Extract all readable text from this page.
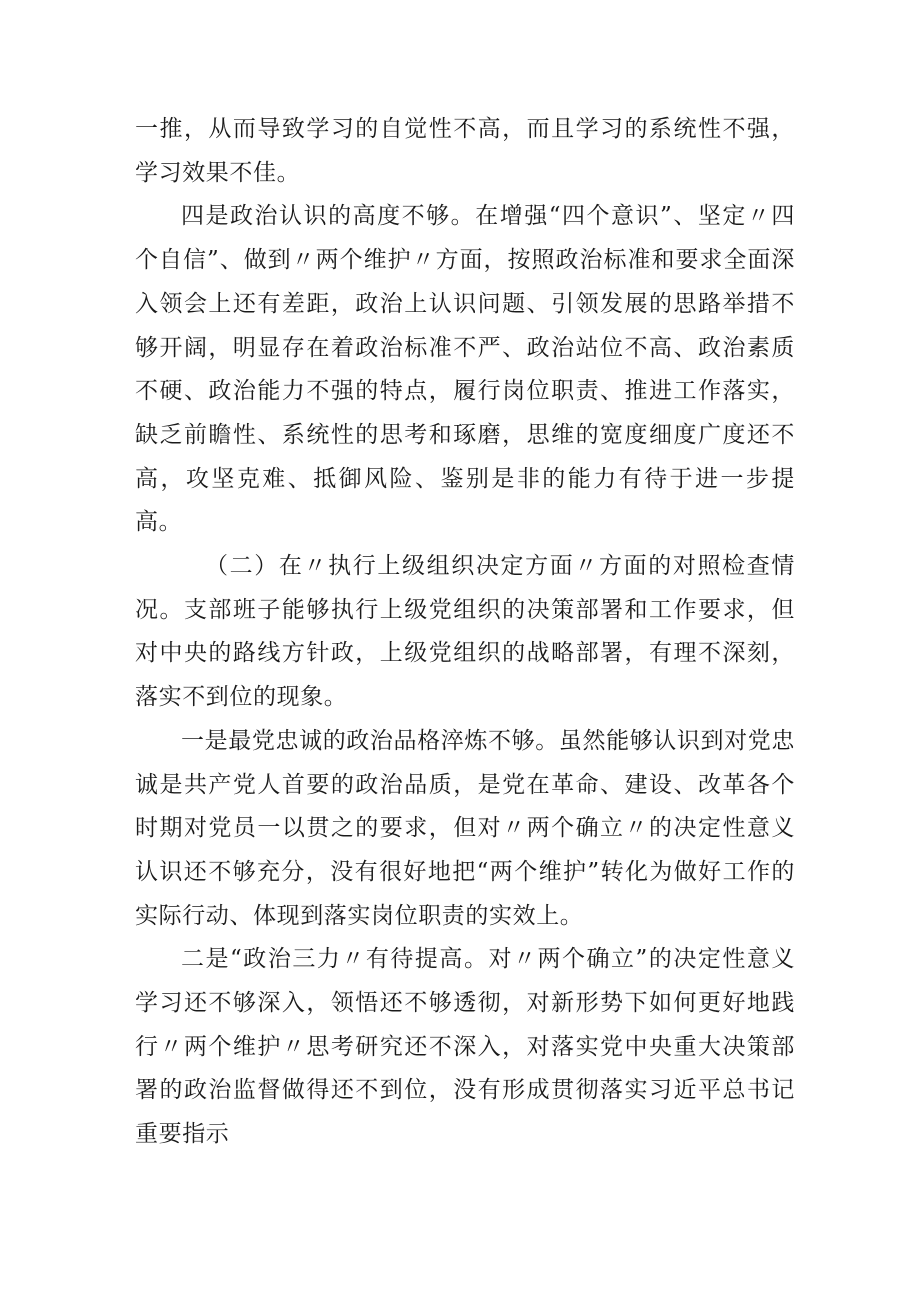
一推，从而导致学习的自觉性不高，而且学习的系统性不强，学习效果不佳。

四是政治认识的高度不够。在增强“四个意识”、坚定〃四个自信”、做到〃两个维护〃方面，按照政治标准和要求全面深入领会上还有差距，政治上认识问题、引领发展的思路举措不够开阔，明显存在着政治标准不严、政治站位不高、政治素质不硬、政治能力不强的特点，履行岗位职责、推进工作落实，缺乏前瞻性、系统性的思考和琢磨，思维的宽度细度广度还不高，攻坚克难、抵御风险、鉴别是非的能力有待于进一步提高。

（二）在〃执行上级组织决定方面〃方面的对照检查情况。支部班子能够执行上级党组织的决策部署和工作要求，但对中央的路线方针政，上级党组织的战略部署，有理不深刻，落实不到位的现象。

一是最党忠诚的政治品格淬炼不够。虽然能够认识到对党忠诚是共产党人首要的政治品质，是党在革命、建设、改革各个时期对党员一以贯之的要求，但对〃两个确立〃的决定性意义认识还不够充分，没有很好地把“两个维护”转化为做好工作的实际行动、体现到落实岗位职责的实效上。

二是“政治三力〃有待提高。对〃两个确立”的决定性意义学习还不够深入，领悟还不够透彻，对新形势下如何更好地践行〃两个维护〃思考研究还不深入，对落实党中央重大决策部署的政治监督做得还不到位，没有形成贯彻落实习近平总书记重要指示
